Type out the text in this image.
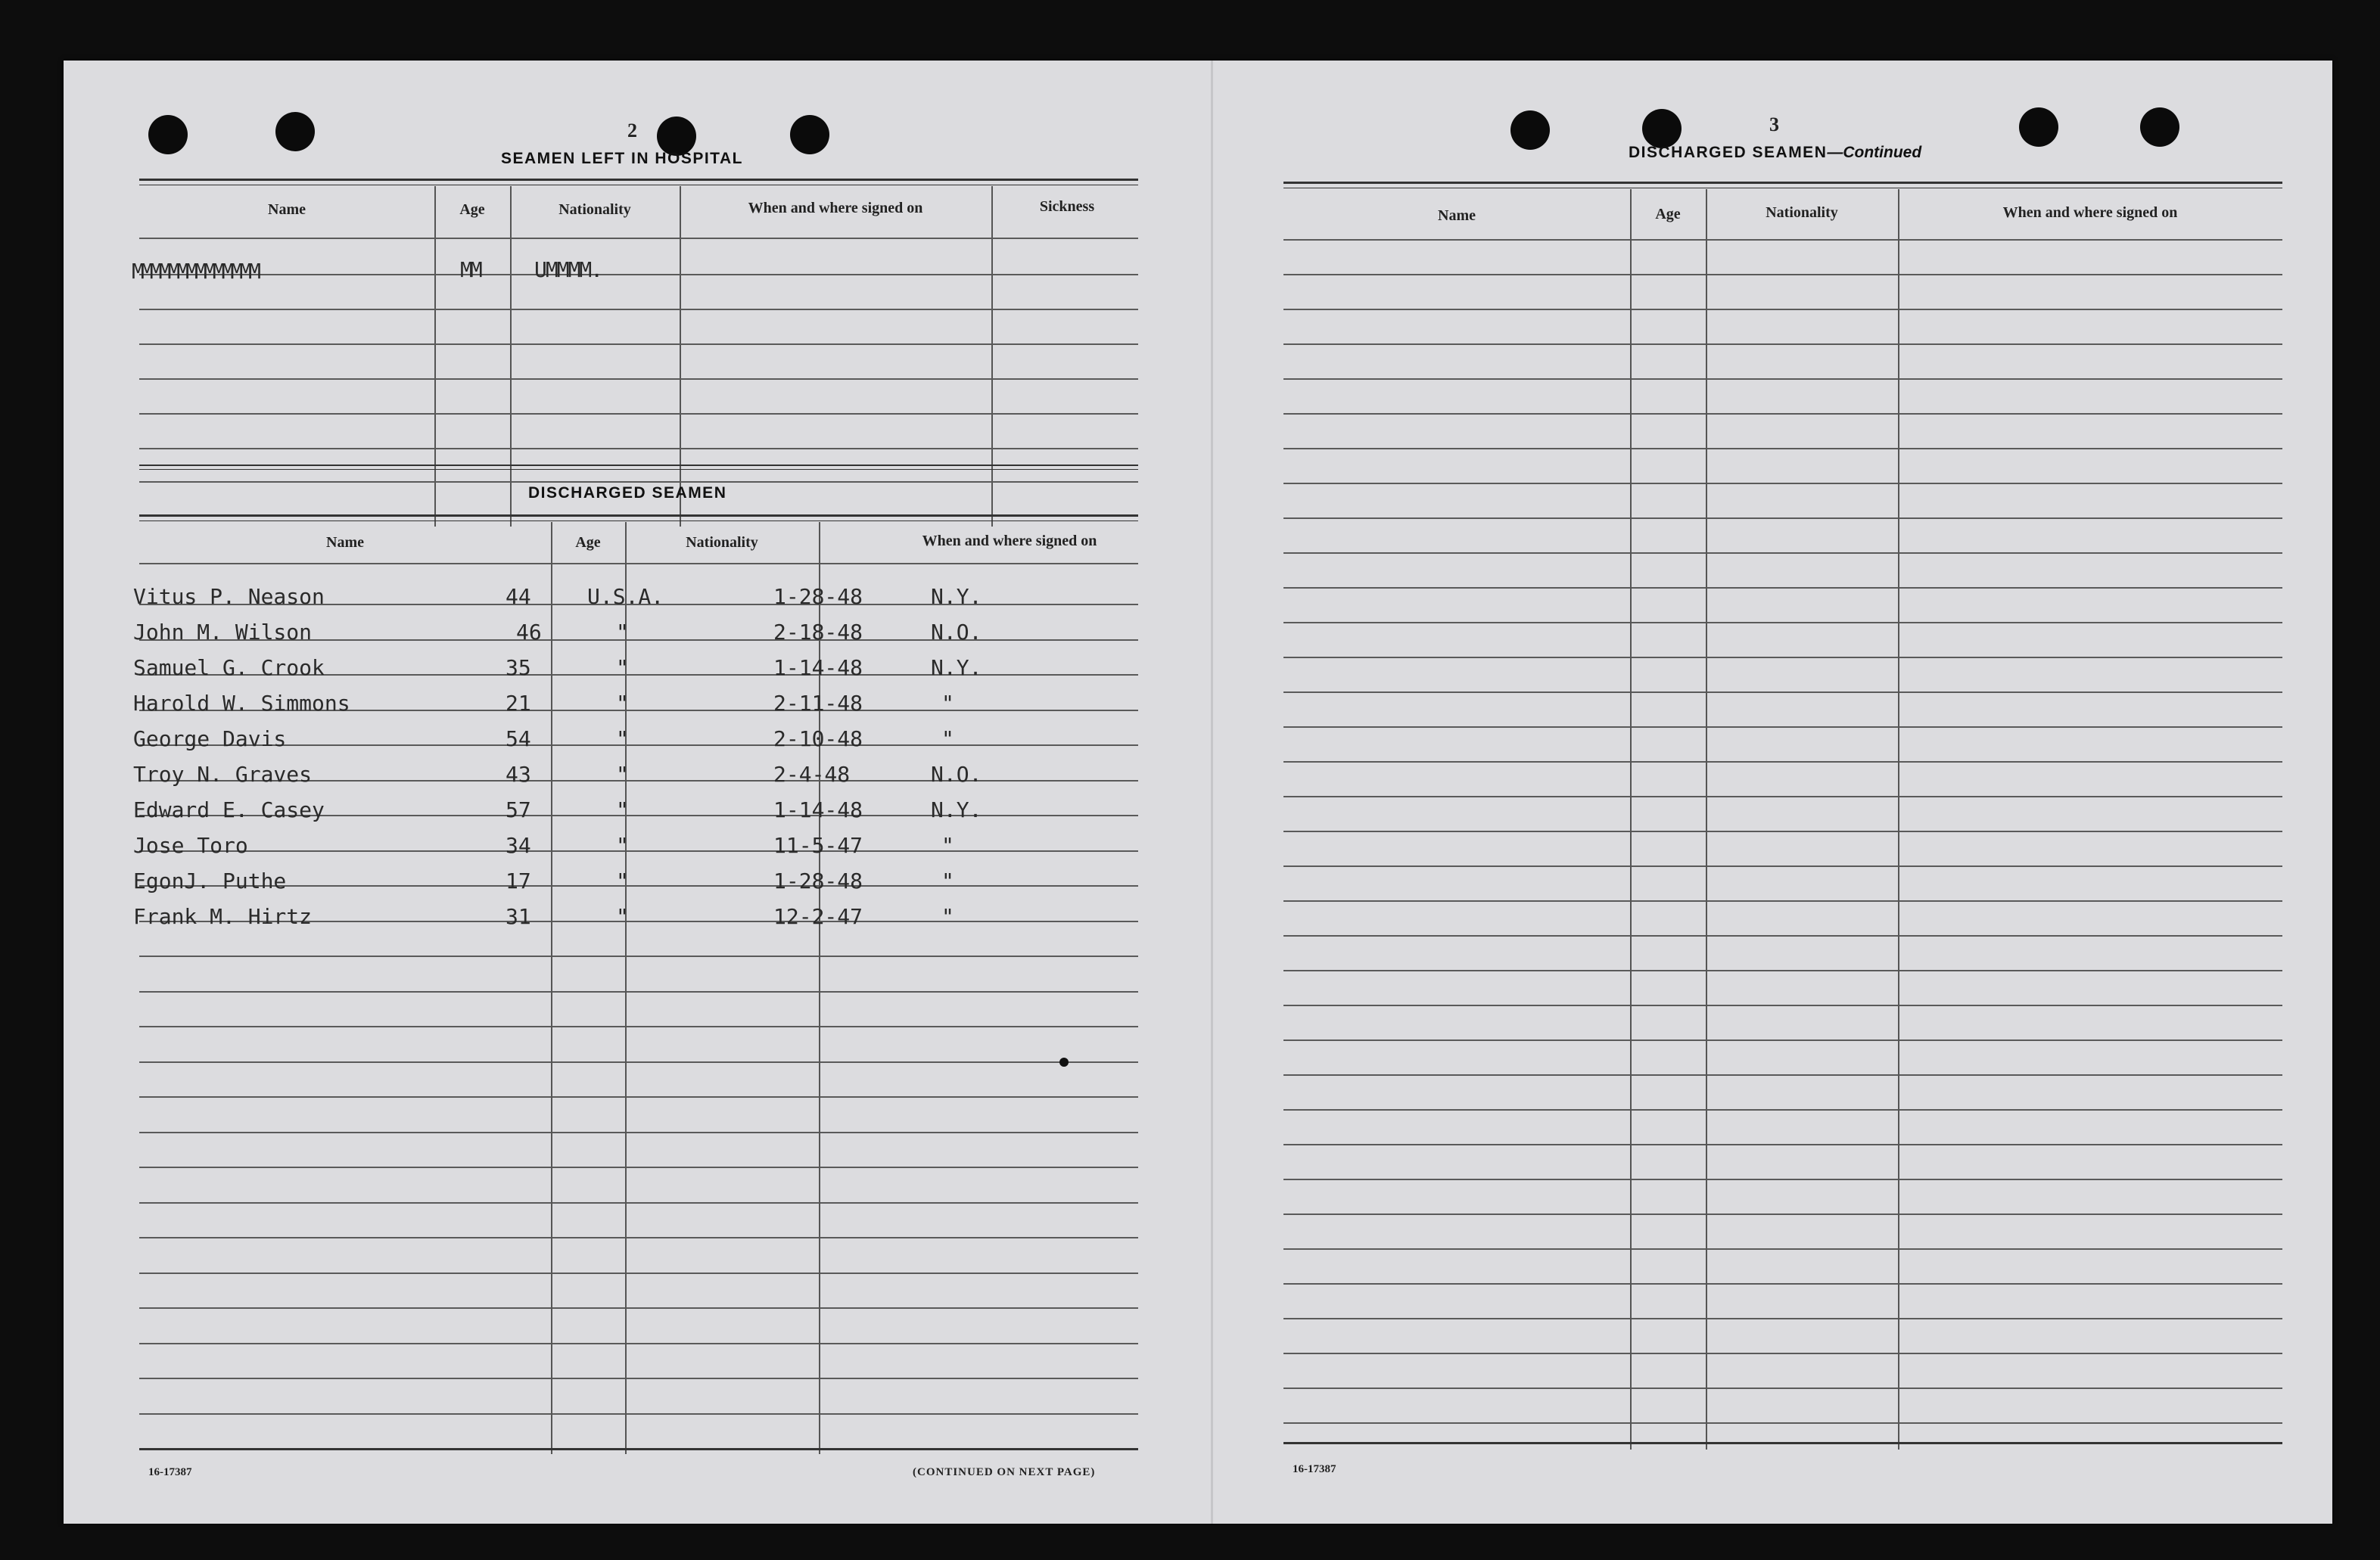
2
SEAMEN LEFT IN HOSPITAL
Name	Age	Nationality	When and where signed on	Sickness
MMMMMMMMMMMMMM	MM	UMMMM.
DISCHARGED SEAMEN
Name	Age	Nationality	When and where signed on
Vitus P. Neason	44	U.S.A.	1-28-48	N.Y.
John M. Wilson	46	"	2-18-48	N.O.
Samuel G. Crook	35	"	1-14-48	N.Y.
Harold W. Simmons	21	"	2-11-48	"
George Davis	54	"	2-10-48	"
Troy N. Graves	43	"	2-4-48	N.O.
Edward E. Casey	57	"	1-14-48	N.Y.
Jose Toro	34	"	11-5-47	"
EgonJ. Puthe	17	"	1-28-48	"
Frank M. Hirtz	31	"	12-2-47	"
16-17387	(CONTINUED ON NEXT PAGE)
3
DISCHARGED SEAMEN—Continued
Name	Age	Nationality	When and where signed on
16-17387
